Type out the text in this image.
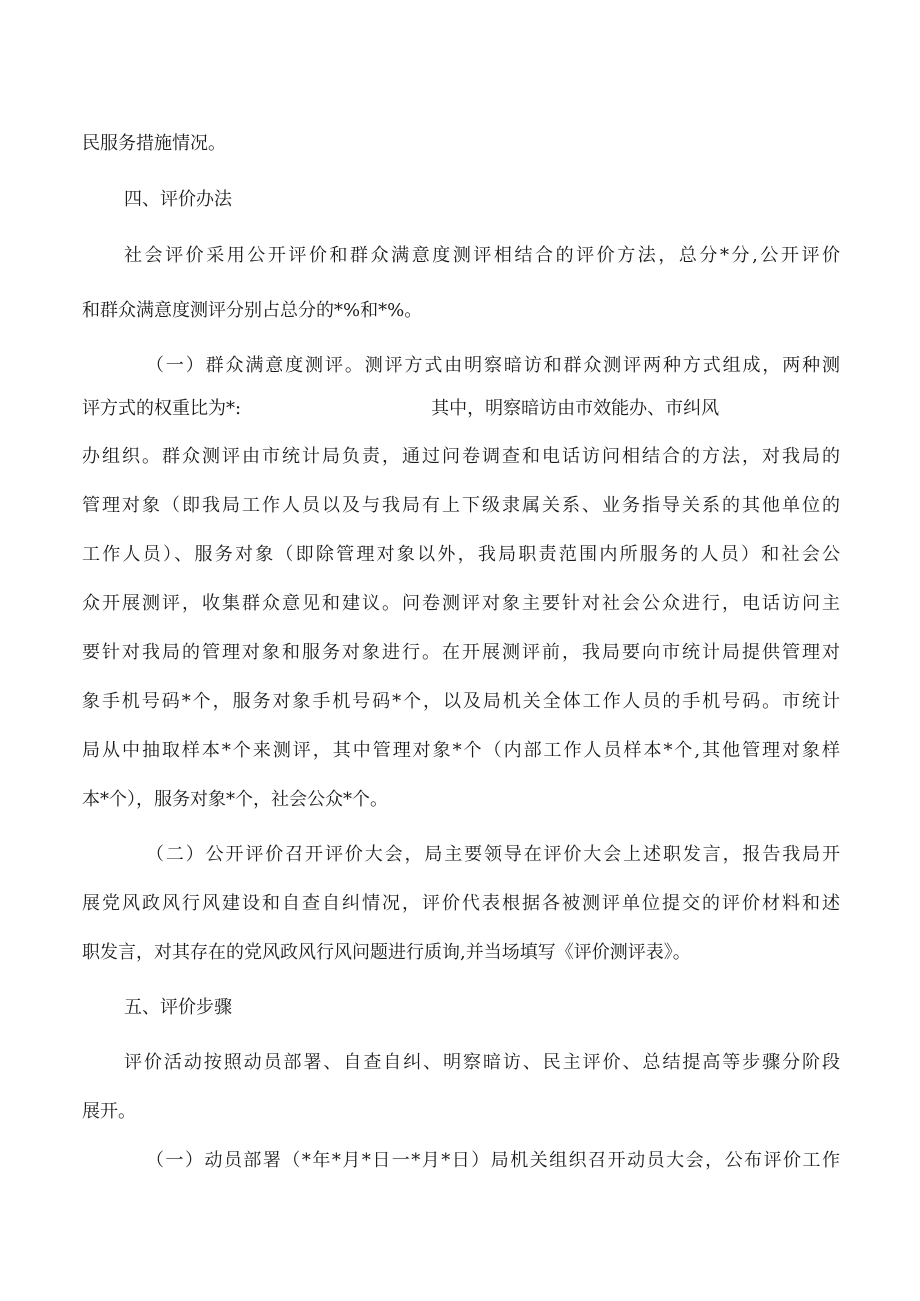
民服务措施情况。

四、评价办法

社会评价采用公开评价和群众满意度测评相结合的评价方法，总分*分,公开评价

和群众满意度测评分别占总分的*%和*%。

（一）群众满意度测评。测评方式由明察暗访和群众测评两种方式组成，两种测

评方式的权重比为*:	其中，明察暗访由市效能办、市纠风

办组织。群众测评由市统计局负责，通过问卷调查和电话访问相结合的方法，对我局的

管理对象（即我局工作人员以及与我局有上下级隶属关系、业务指导关系的其他单位的

工作人员）、服务对象（即除管理对象以外，我局职责范围内所服务的人员）和社会公

众开展测评，收集群众意见和建议。问卷测评对象主要针对社会公众进行，电话访问主

要针对我局的管理对象和服务对象进行。在开展测评前，我局要向市统计局提供管理对

象手机号码*个，服务对象手机号码*个，以及局机关全体工作人员的手机号码。市统计

局从中抽取样本*个来测评，其中管理对象*个（内部工作人员样本*个,其他管理对象样

本*个），服务对象*个，社会公众*个。

（二）公开评价召开评价大会，局主要领导在评价大会上述职发言，报告我局开

展党风政风行风建设和自查自纠情况，评价代表根据各被测评单位提交的评价材料和述

职发言，对其存在的党风政风行风问题进行质询,并当场填写《评价测评表》。

五、评价步骤

评价活动按照动员部署、自查自纠、明察暗访、民主评价、总结提高等步骤分阶段

展开。

（一）动员部署（*年*月*日一*月*日）局机关组织召开动员大会，公布评价工作
